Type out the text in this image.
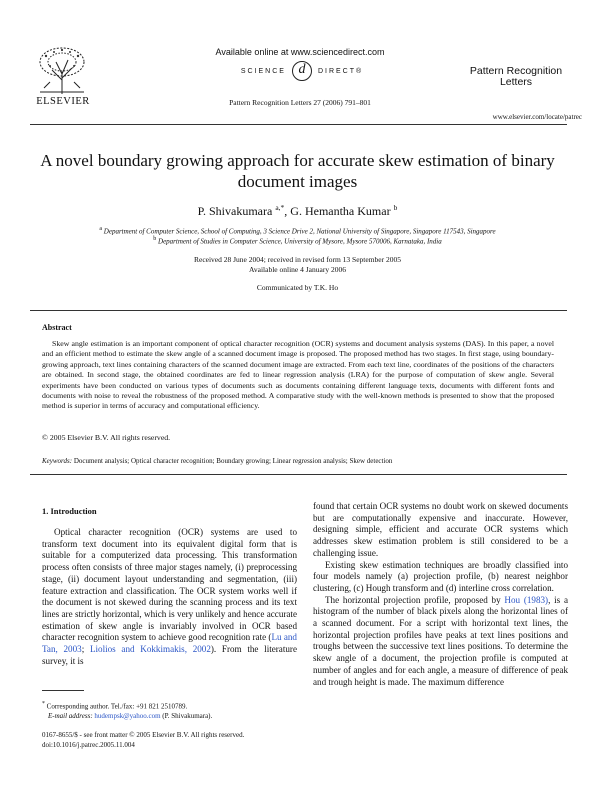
ELSEVIER
Available online at www.sciencedirect.com
SCIENCE d DIRECT®
Pattern Recognition Letters 27 (2006) 791–801
Pattern Recognition
Letters
www.elsevier.com/locate/patrec
A novel boundary growing approach for accurate skew estimation of binary document images
P. Shivakumara $^{a,*}$, G. Hemantha Kumar $^b$
$^a$ Department of Computer Science, School of Computing, 3 Science Drive 2, National University of Singapore, Singapore 117543, Singapore
$^b$ Department of Studies in Computer Science, University of Mysore, Mysore 570006, Karnataka, India
Received 28 June 2004; received in revised form 13 September 2005
Available online 4 January 2006
Communicated by T.K. Ho
Abstract

Skew angle estimation is an important component of optical character recognition (OCR) systems and document analysis systems (DAS). In this paper, a novel and an efficient method to estimate the skew angle of a scanned document image is proposed. The proposed method has two stages. In first stage, using boundary-growing approach, text lines containing characters of the scanned document image are extracted. From each text line, coordinates of the positions of the characters are obtained. In second stage, the obtained coordinates are fed to linear regression analysis (LRA) for the purpose of computation of skew angle. Several experiments have been conducted on various types of documents such as documents containing different language texts, documents with different fonts and documents with noise to reveal the robustness of the proposed method. A comparative study with the well-known methods is presented to show that the proposed method is superior in terms of accuracy and computational efficiency.

© 2005 Elsevier B.V. All rights reserved.
Keywords: Document analysis; Optical character recognition; Boundary growing; Linear regression analysis; Skew detection
1. Introduction

Optical character recognition (OCR) systems are used to transform text document into its equivalent digital form that is suitable for a computerized data processing. This transformation process often consists of three major stages namely, (i) preprocessing stage, (ii) document layout understanding and segmentation, (iii) feature extraction and classification. The OCR system works well if the document is not skewed during the scanning process and its text lines are strictly horizontal, which is very unlikely and hence accurate estimation of skew angle is invariably involved in OCR based character recognition system to achieve good recognition rate (Lu and Tan, 2003; Liolios and Kokkimakis, 2002). From the literature survey, it is

found that certain OCR systems no doubt work on skewed documents but are computationally expensive and inaccurate. However, designing simple, efficient and accurate OCR systems which addresses skew estimation problem is still considered to be a challenging issue.

Existing skew estimation techniques are broadly classified into four models namely (a) projection profile, (b) nearest neighbor clustering, (c) Hough transform and (d) interline cross correlation.

The horizontal projection profile, proposed by Hou (1983), is a histogram of the number of black pixels along the horizontal lines of a scanned document. For a script with horizontal text lines, the horizontal projection profiles have peaks at text lines positions and troughs between the successive text lines positions. To determine the skew angle of a document, the projection profile is computed at number of angles and for each angle, a measure of difference of peak and trough height is made. The maximum difference

* Corresponding author. Tel./fax: +91 821 2510789.
E-mail address: hudempsk@yahoo.com (P. Shivakumara).
0167-8655/$ - see front matter © 2005 Elsevier B.V. All rights reserved.
doi:10.1016/j.patrec.2005.11.004
